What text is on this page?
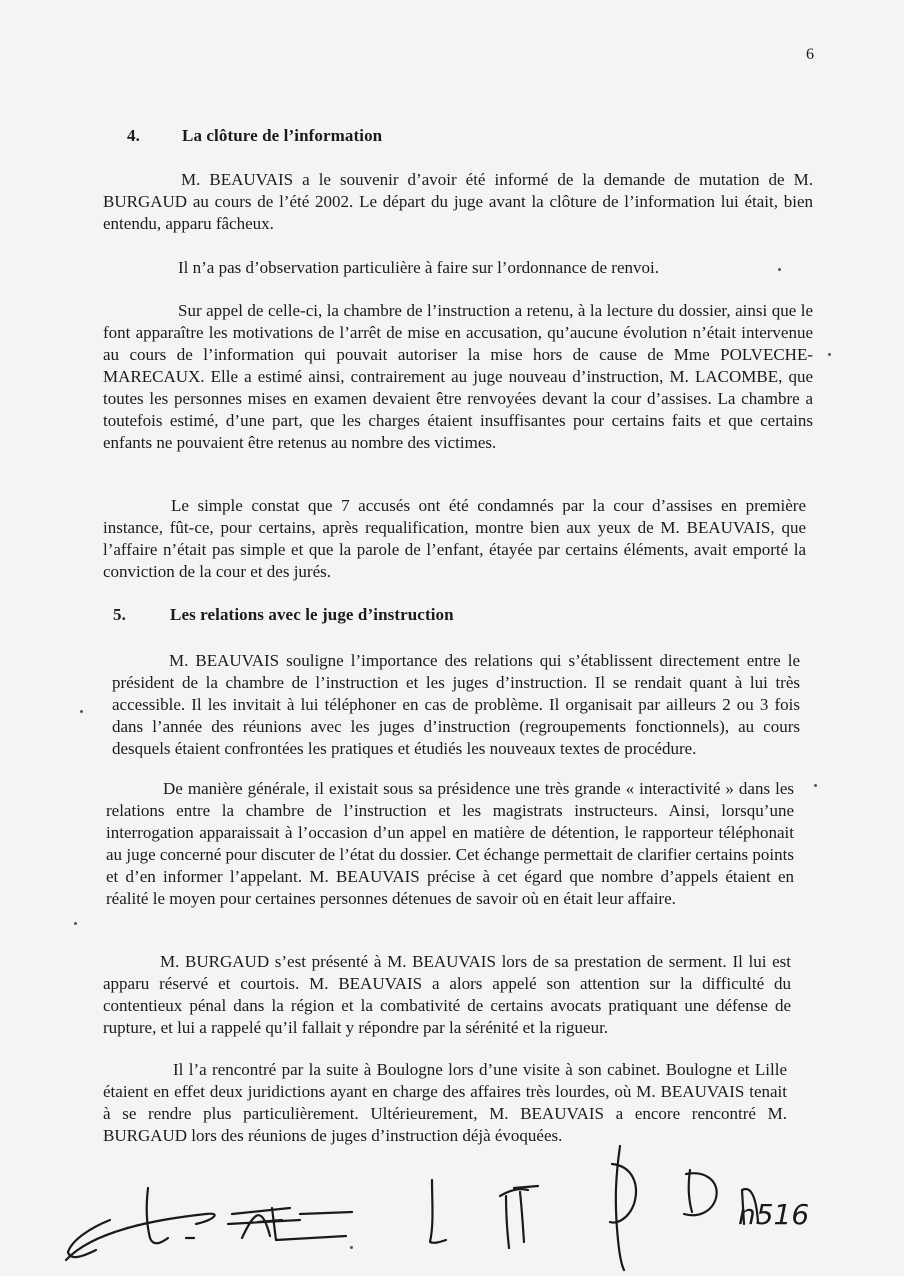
6
4. La clôture de l’information

M. BEAUVAIS a le souvenir d’avoir été informé de la demande de mutation de M. BURGAUD au cours de l’été 2002. Le départ du juge avant la clôture de l’information lui était, bien entendu, apparu fâcheux.

Il n’a pas d’observation particulière à faire sur l’ordonnance de renvoi.

Sur appel de celle-ci, la chambre de l’instruction a retenu, à la lecture du dossier, ainsi que le font apparaître les motivations de l’arrêt de mise en accusation, qu’aucune évolution n’était intervenue au cours de l’information qui pouvait autoriser la mise hors de cause de Mme POLVECHE-MARECAUX. Elle a estimé ainsi, contrairement au juge nouveau d’instruction, M. LACOMBE, que toutes les personnes mises en examen devaient être renvoyées devant la cour d’assises. La chambre a toutefois estimé, d’une part, que les charges étaient insuffisantes pour certains faits et que certains enfants ne pouvaient être retenus au nombre des victimes.

Le simple constat que 7 accusés ont été condamnés par la cour d’assises en première instance, fût-ce, pour certains, après requalification, montre bien aux yeux de M. BEAUVAIS, que l’affaire n’était pas simple et que la parole de l’enfant, étayée par certains éléments, avait emporté la conviction de la cour et des jurés.

5.	Les relations avec le juge d’instruction

M. BEAUVAIS souligne l’importance des relations qui s’établissent directement entre le président de la chambre de l’instruction et les juges d’instruction. Il se rendait quant à lui très accessible. Il les invitait à lui téléphoner en cas de problème. Il organisait par ailleurs 2 ou 3 fois dans l’année des réunions avec les juges d’instruction (regroupements fonctionnels), au cours desquels étaient confrontées les pratiques et étudiés les nouveaux textes de procédure.

De manière générale, il existait sous sa présidence une très grande « interactivité » dans les relations entre la chambre de l’instruction et les magistrats instructeurs. Ainsi, lorsqu’une interrogation apparaissait à l’occasion d’un appel en matière de détention, le rapporteur téléphonait au juge concerné pour discuter de l’état du dossier. Cet échange permettait de clarifier certains points et d’en informer l’appelant. M. BEAUVAIS précise à cet égard que nombre d’appels étaient en réalité le moyen pour certaines personnes détenues de savoir où en était leur affaire.

M. BURGAUD s’est présenté à M. BEAUVAIS lors de sa prestation de serment. Il lui est apparu réservé et courtois. M. BEAUVAIS a alors appelé son attention sur la difficulté du contentieux pénal dans la région et la combativité de certains avocats pratiquant une défense de rupture, et lui a rappelé qu’il fallait y répondre par la sérénité et la rigueur.

Il l’a rencontré par la suite à Boulogne lors d’une visite à son cabinet. Boulogne et Lille étaient en effet deux juridictions ayant en charge des affaires très lourdes, où M. BEAUVAIS tenait à se rendre plus particulièrement. Ultérieurement, M. BEAUVAIS a encore rencontré M. BURGAUD lors des réunions de juges d’instruction déjà évoquées.

n516
